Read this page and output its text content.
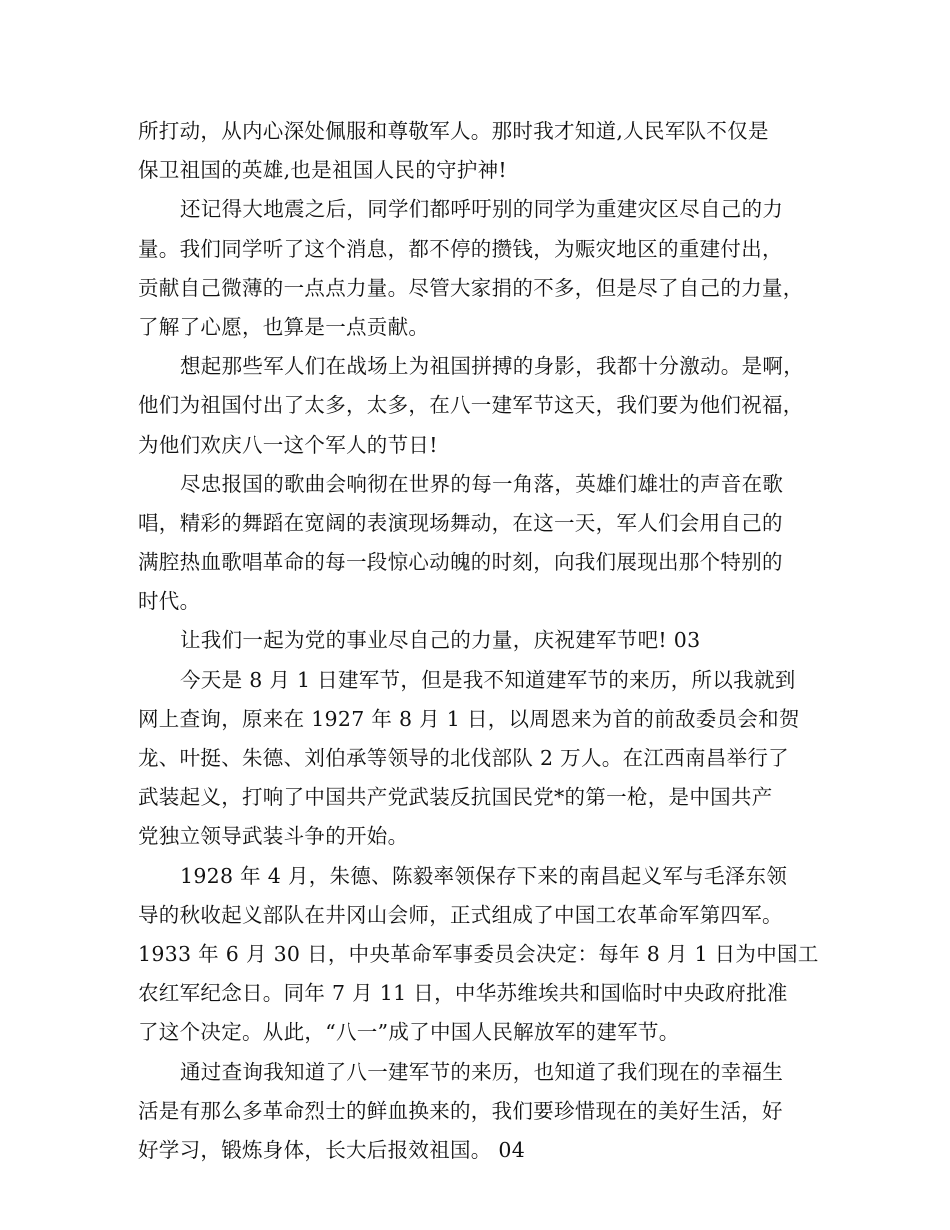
所打动，从内心深处佩服和尊敬军人。那时我才知道,人民军队不仅是
保卫祖国的英雄,也是祖国人民的守护神!
还记得大地震之后，同学们都呼吁别的同学为重建灾区尽自己的力
量。我们同学听了这个消息，都不停的攒钱，为赈灾地区的重建付出，
贡献自己微薄的一点点力量。尽管大家捐的不多，但是尽了自己的力量，
了解了心愿，也算是一点贡献。
想起那些军人们在战场上为祖国拼搏的身影，我都十分激动。是啊，
他们为祖国付出了太多，太多，在八一建军节这天，我们要为他们祝福，
为他们欢庆八一这个军人的节日!
尽忠报国的歌曲会响彻在世界的每一角落，英雄们雄壮的声音在歌
唱，精彩的舞蹈在宽阔的表演现场舞动，在这一天，军人们会用自己的
满腔热血歌唱革命的每一段惊心动魄的时刻，向我们展现出那个特别的
时代。
让我们一起为党的事业尽自己的力量，庆祝建军节吧! 03
今天是 8 月 1 日建军节，但是我不知道建军节的来历，所以我就到
网上查询，原来在 1927 年 8 月 1 日，以周恩来为首的前敌委员会和贺
龙、叶挺、朱德、刘伯承等领导的北伐部队 2 万人。在江西南昌举行了
武装起义，打响了中国共产党武装反抗国民党*的第一枪，是中国共产
党独立领导武装斗争的开始。
1928 年 4 月，朱德、陈毅率领保存下来的南昌起义军与毛泽东领
导的秋收起义部队在井冈山会师，正式组成了中国工农革命军第四军。
1933 年 6 月 30 日，中央革命军事委员会决定：每年 8 月 1 日为中国工
农红军纪念日。同年 7 月 11 日，中华苏维埃共和国临时中央政府批准
了这个决定。从此，“八一”成了中国人民解放军的建军节。
通过查询我知道了八一建军节的来历，也知道了我们现在的幸福生
活是有那么多革命烈士的鲜血换来的，我们要珍惜现在的美好生活，好
好学习，锻炼身体，长大后报效祖国。 04
